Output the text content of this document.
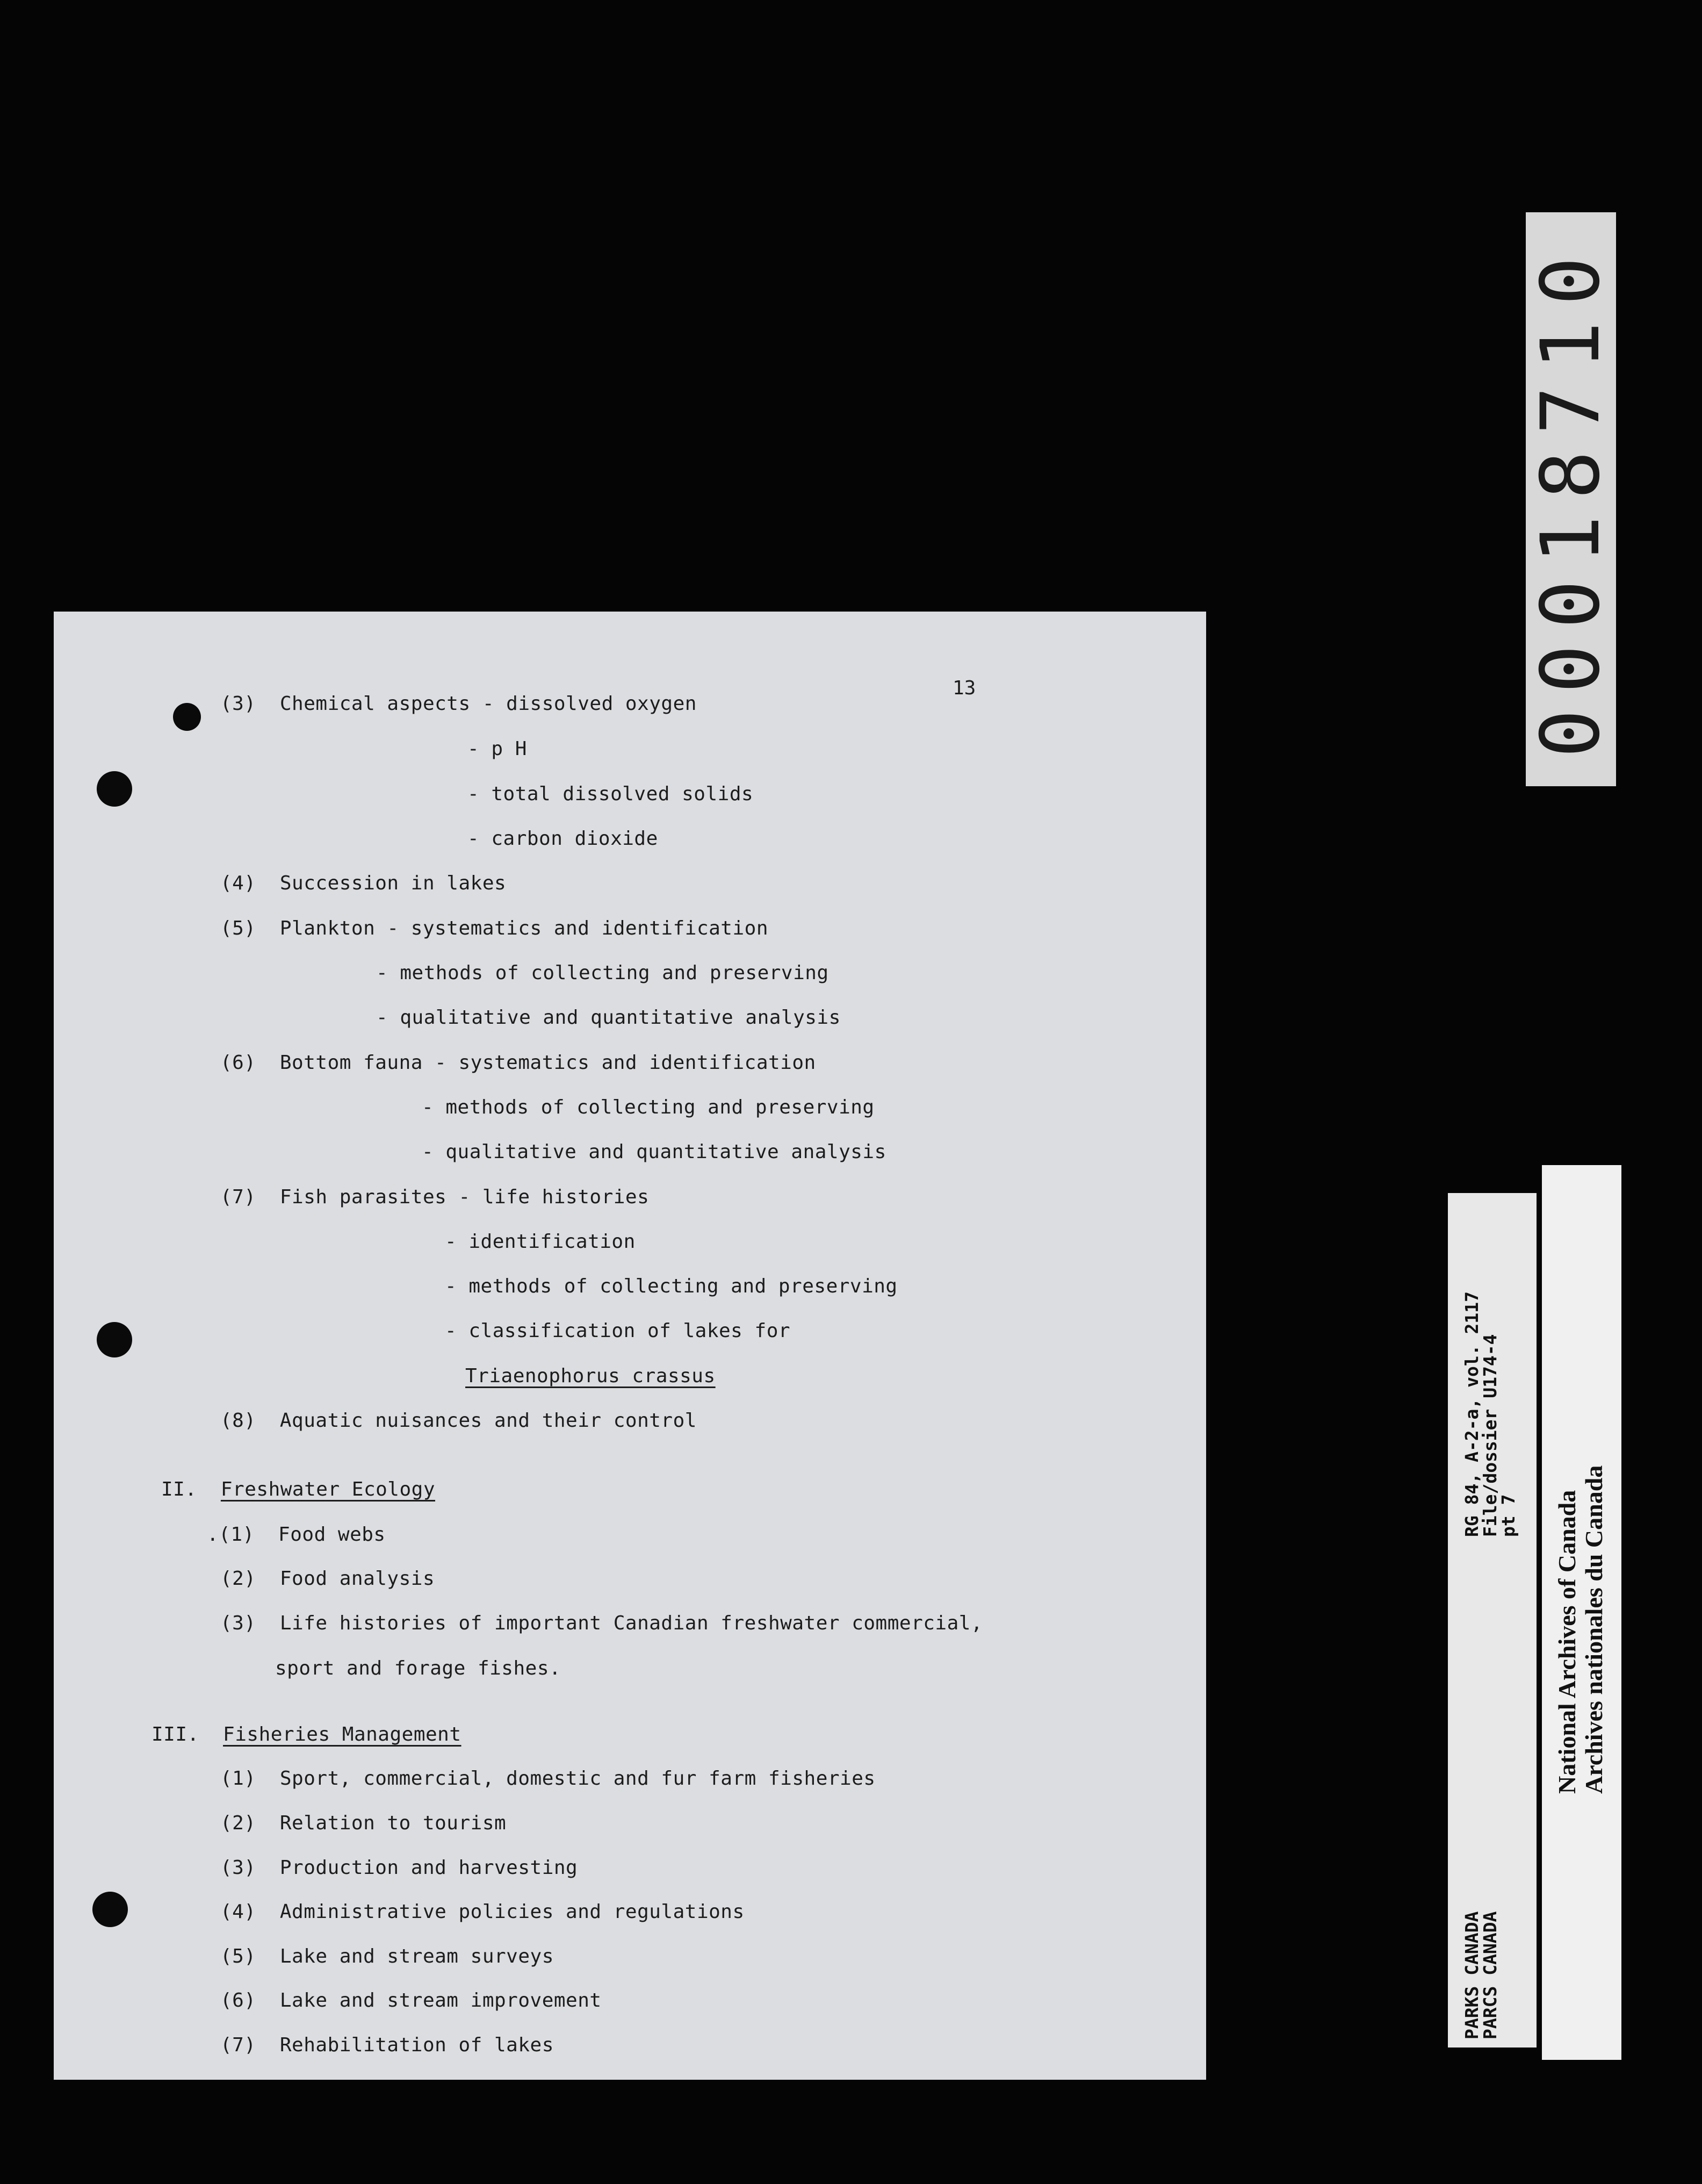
13
(3)  Chemical aspects - dissolved oxygen
- p H
- total dissolved solids
- carbon dioxide
(4)  Succession in lakes
(5)  Plankton - systematics and identification
- methods of collecting and preserving
- qualitative and quantitative analysis
(6)  Bottom fauna - systematics and identification
- methods of collecting and preserving
- qualitative and quantitative analysis
(7)  Fish parasites - life histories
- identification
- methods of collecting and preserving
- classification of lakes for
Triaenophorus crassus
(8)  Aquatic nuisances and their control
II.  Freshwater Ecology
.(1)  Food webs
(2)  Food analysis
(3)  Life histories of important Canadian freshwater commercial,
sport and forage fishes.
III.  Fisheries Management
(1)  Sport, commercial, domestic and fur farm fisheries
(2)  Relation to tourism
(3)  Production and harvesting
(4)  Administrative policies and regulations
(5)  Lake and stream surveys
(6)  Lake and stream improvement
(7)  Rehabilitation of lakes
00018710
RG 84, A-2-a, vol. 2117
File/dossier U174-4
pt 7
PARKS CANADA
PARCS CANADA
National Archives of Canada Archives nationales du Canada
